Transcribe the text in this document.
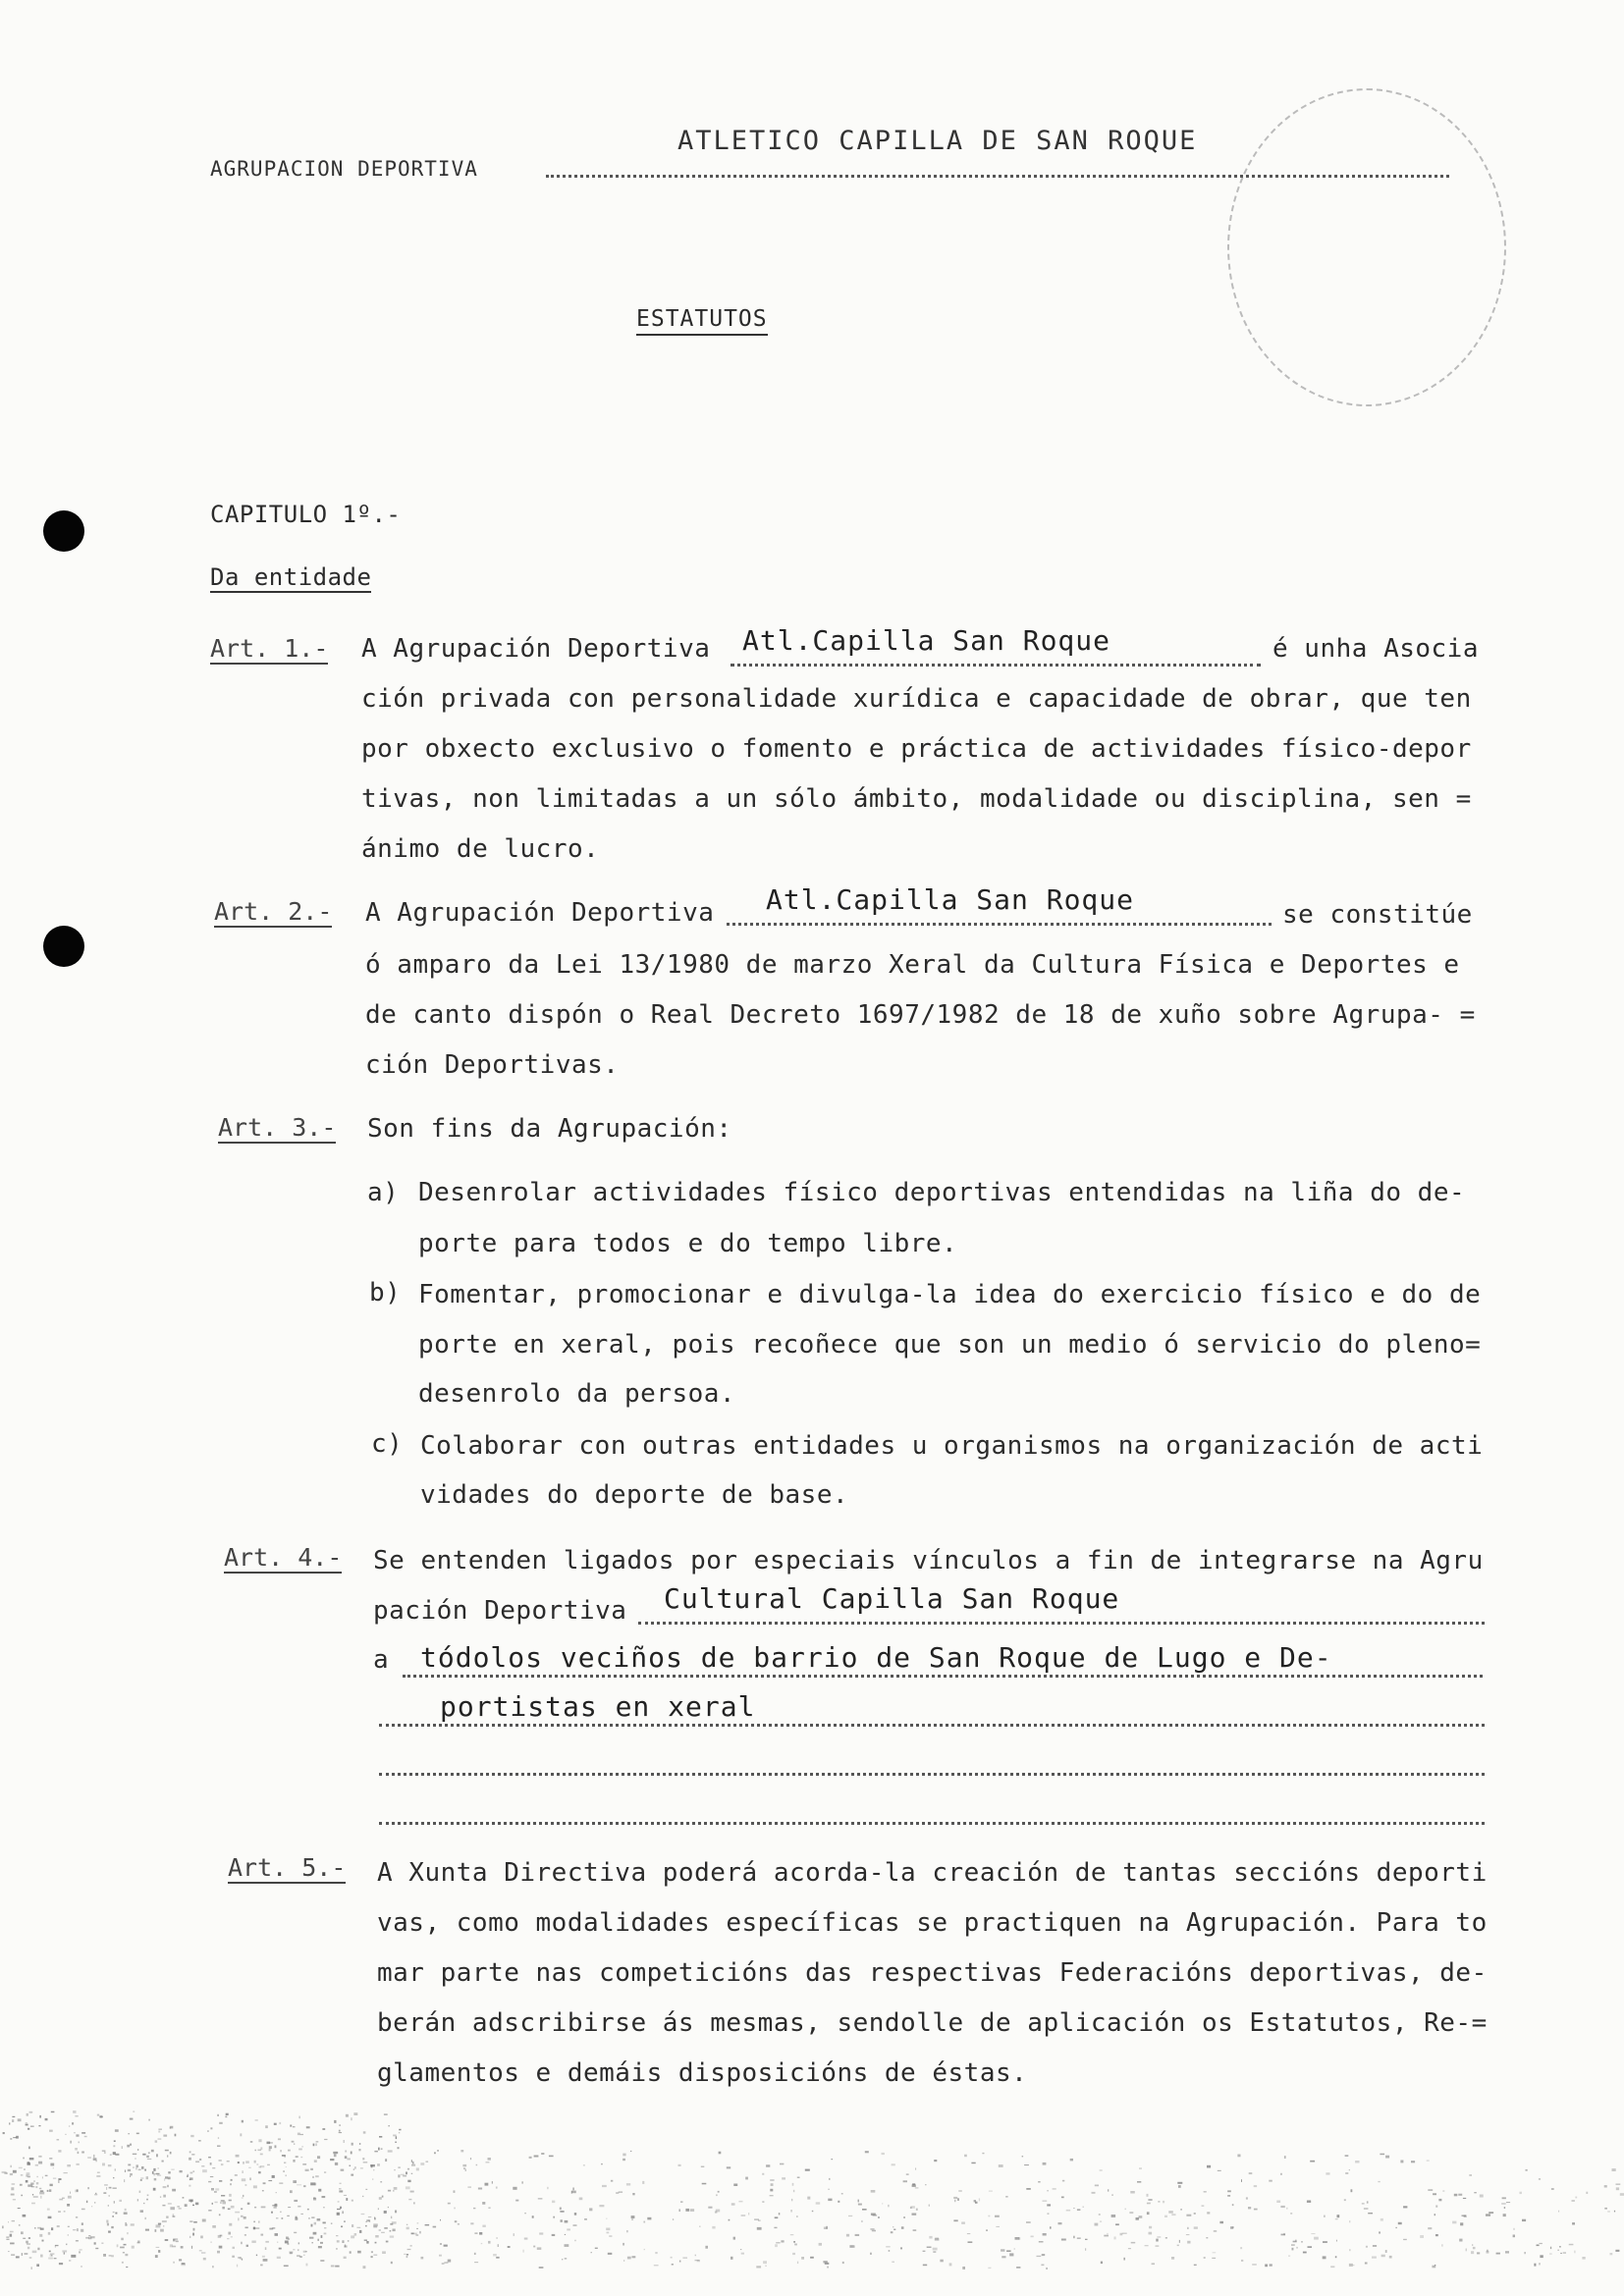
ATLETICO CAPILLA DE SAN ROQUE
AGRUPACION DEPORTIVA
ESTATUTOS
CAPITULO 1º.-
Da entidade
Art. 1.- A Agrupación Deportiva Atl.Capilla San Roque	é unha Asocia
ción privada con personalidade xurídica e capacidade de obrar, que ten
por obxecto exclusivo o fomento e práctica de actividades físico-depor
tivas, non limitadas a un sólo ámbito, modalidade ou disciplina, sen =
ánimo de lucro.
Art. 2.- A Agrupación Deportiva Atl.Capilla San Roque	se constitúe
ó amparo da Lei 13/1980 de marzo Xeral da Cultura Física e Deportes e
de canto dispón o Real Decreto 1697/1982 de 18 de xuño sobre Agrupa- =
ción Deportivas.
Art. 3.- Son fins da Agrupación:
a) Desenrolar actividades físico deportivas entendidas na liña do de-
porte para todos e do tempo libre.
b) Fomentar, promocionar e divulga-la idea do exercicio físico e do de
porte en xeral, pois recoñece que son un medio ó servicio do pleno=
desenrolo da persoa.
c) Colaborar con outras entidades u organismos na organización de acti
vidades do deporte de base.
Art. 4.- Se entenden ligados por especiais vínculos a fin de integrarse na Agru
pación Deportiva Cultural Capilla San Roque
a tódolos veciños de barrio de San Roque de Lugo e De-
portistas en xeral
Art. 5.- A Xunta Directiva poderá acorda-la creación de tantas seccións deporti
vas, como modalidades específicas se practiquen na Agrupación. Para to
mar parte nas competicións das respectivas Federacións deportivas, de-
berán adscribirse ás mesmas, sendolle de aplicación os Estatutos, Re-=
glamentos e demáis disposicións de éstas.
